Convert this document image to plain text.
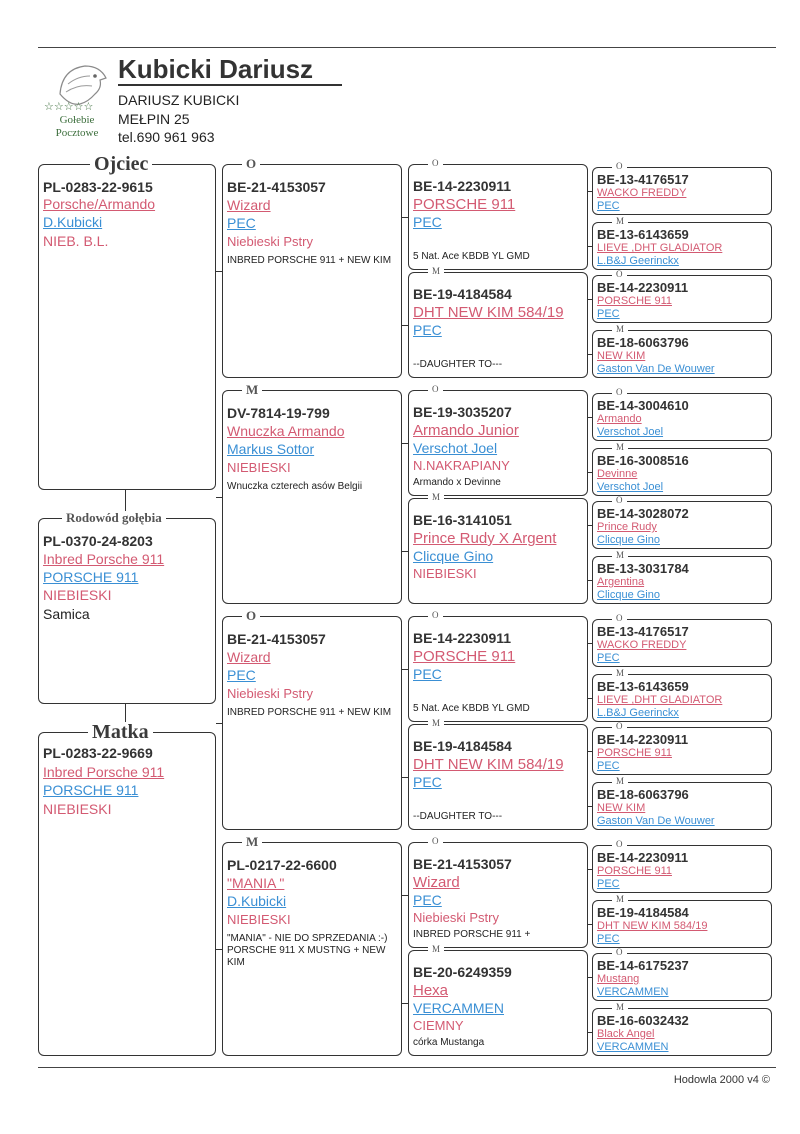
☆☆☆☆☆
Gołebie
Pocztowe
Kubicki Dariusz
DARIUSZ KUBICKI
MEŁPIN 25
tel.690 961 963
PL-0283-22-9615
Porsche/Armando
D.Kubicki
NIEB. B.L.
Ojciec
PL-0370-24-8203
Inbred Porsche 911
PORSCHE 911
NIEBIESKI
Samica
Rodowód gołębia
PL-0283-22-9669
Inbred Porsche 911
PORSCHE 911
NIEBIESKI
Matka
BE-21-4153057
Wizard
PEC
Niebieski Pstry
INBRED PORSCHE 911 + NEW KIM
O
DV-7814-19-799
Wnuczka Armando
Markus Sottor
NIEBIESKI
Wnuczka czterech asów Belgii
M
BE-21-4153057
Wizard
PEC
Niebieski Pstry
INBRED PORSCHE 911 + NEW KIM
O
PL-0217-22-6600
"MANIA "
D.Kubicki
NIEBIESKI
"MANIA" - NIE DO SPRZEDANIA :-) PORSCHE 911 X MUSTNG + NEW KIM
M
BE-14-2230911
PORSCHE 911
PEC
5 Nat. Ace KBDB YL GMD
O
BE-19-4184584
DHT NEW KIM 584/19
PEC
--DAUGHTER TO---
M
BE-19-3035207
Armando Junior
Verschot Joel
N.NAKRAPIANY
Armando x Devinne
O
BE-16-3141051
Prince Rudy X Argent
Clicque Gino
NIEBIESKI
M
BE-14-2230911
PORSCHE 911
PEC
5 Nat. Ace KBDB YL GMD
O
BE-19-4184584
DHT NEW KIM 584/19
PEC
--DAUGHTER TO---
M
BE-21-4153057
Wizard
PEC
Niebieski Pstry
INBRED PORSCHE 911 +
O
BE-20-6249359
Hexa
VERCAMMEN
CIEMNY
córka Mustanga
M
BE-13-4176517
WACKO FREDDY
PEC
O
BE-13-6143659
LIEVE ,DHT GLADIATOR
L.B&J Geerinckx
M
BE-14-2230911
PORSCHE 911
PEC
O
BE-18-6063796
NEW KIM
Gaston Van De Wouwer
M
BE-14-3004610
Armando
Verschot Joel
O
BE-16-3008516
Devinne
Verschot Joel
M
BE-14-3028072
Prince Rudy
Clicque Gino
O
BE-13-3031784
Argentina
Clicque Gino
M
BE-13-4176517
WACKO FREDDY
PEC
O
BE-13-6143659
LIEVE ,DHT GLADIATOR
L.B&J Geerinckx
M
BE-14-2230911
PORSCHE 911
PEC
O
BE-18-6063796
NEW KIM
Gaston Van De Wouwer
M
BE-14-2230911
PORSCHE 911
PEC
O
BE-19-4184584
DHT NEW KIM 584/19
PEC
M
BE-14-6175237
Mustang
VERCAMMEN
O
BE-16-6032432
Black Angel
VERCAMMEN
M
Hodowla 2000 v4 ©
